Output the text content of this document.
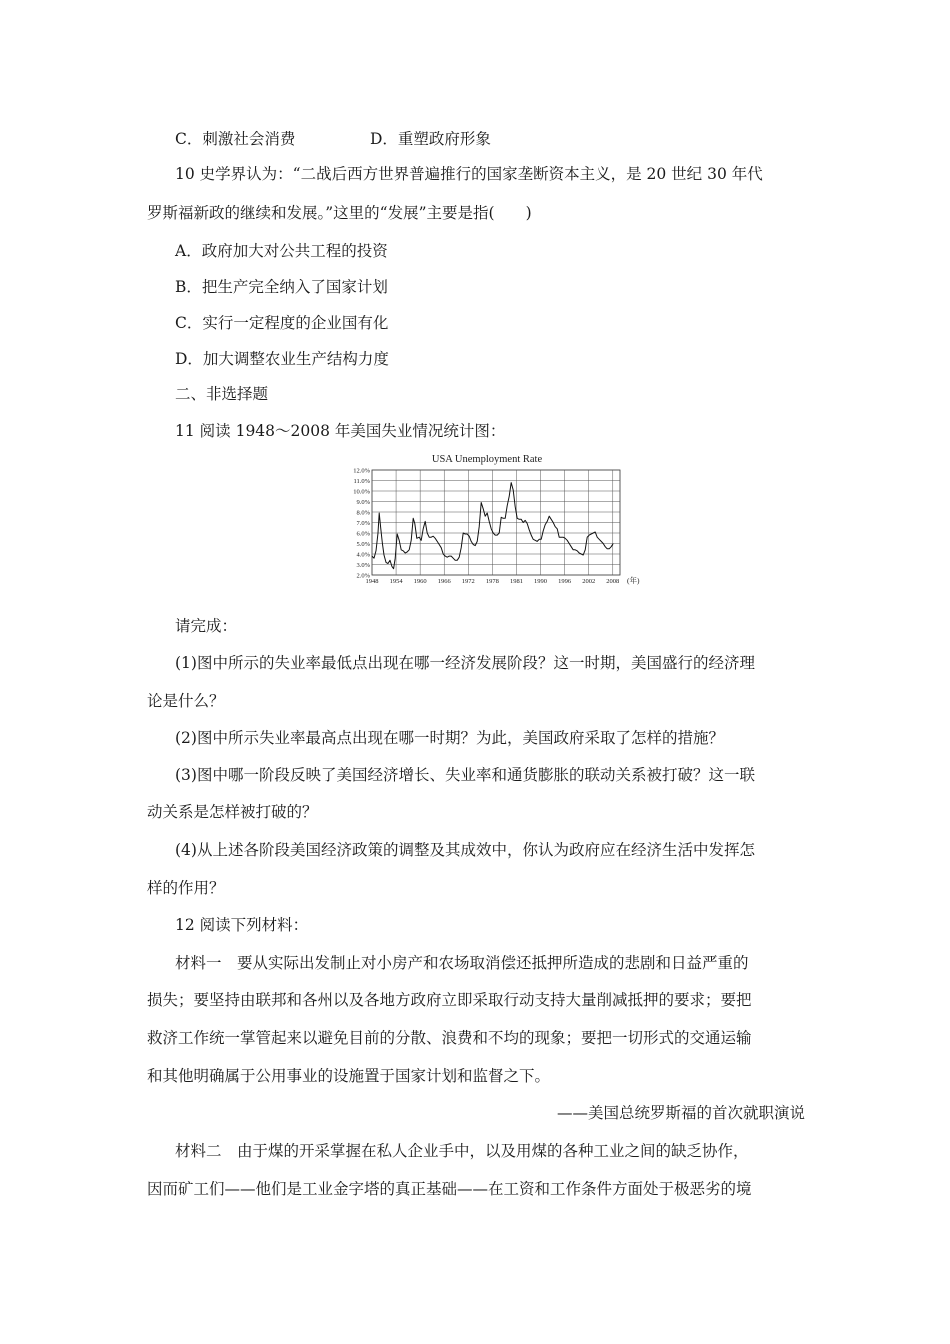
C．刺激社会消费	D．重塑政府形象
10 史学界认为：“二战后西方世界普遍推行的国家垄断资本主义，是 20 世纪 30 年代
罗斯福新政的继续和发展。”这里的“发展”主要是指(　　)
A．政府加大对公共工程的投资
B．把生产完全纳入了国家计划
C．实行一定程度的企业国有化
D．加大调整农业生产结构力度
二、非选择题
11 阅读 1948～2008 年美国失业情况统计图：
USA Unemployment Rate
2.0%
3.0%
4.0%
5.0%
6.0%
7.0%
8.0%
9.0%
10.0%
11.0%
12.0%
1948 1954 1960 1966 1972 1978 1981 1990 1996 2002 2008 (年)
请完成：
(1)图中所示的失业率最低点出现在哪一经济发展阶段？这一时期，美国盛行的经济理
论是什么？
(2)图中所示失业率最高点出现在哪一时期？为此，美国政府采取了怎样的措施？
(3)图中哪一阶段反映了美国经济增长、失业率和通货膨胀的联动关系被打破？这一联
动关系是怎样被打破的？
(4)从上述各阶段美国经济政策的调整及其成效中，你认为政府应在经济生活中发挥怎
样的作用？
12 阅读下列材料：
材料一　要从实际出发制止对小房产和农场取消偿还抵押所造成的悲剧和日益严重的
损失；要坚持由联邦和各州以及各地方政府立即采取行动支持大量削减抵押的要求；要把
救济工作统一掌管起来以避免目前的分散、浪费和不均的现象；要把一切形式的交通运输
和其他明确属于公用事业的设施置于国家计划和监督之下。
——美国总统罗斯福的首次就职演说
材料二　由于煤的开采掌握在私人企业手中，以及用煤的各种工业之间的缺乏协作，
因而矿工们——他们是工业金字塔的真正基础——在工资和工作条件方面处于极恶劣的境
